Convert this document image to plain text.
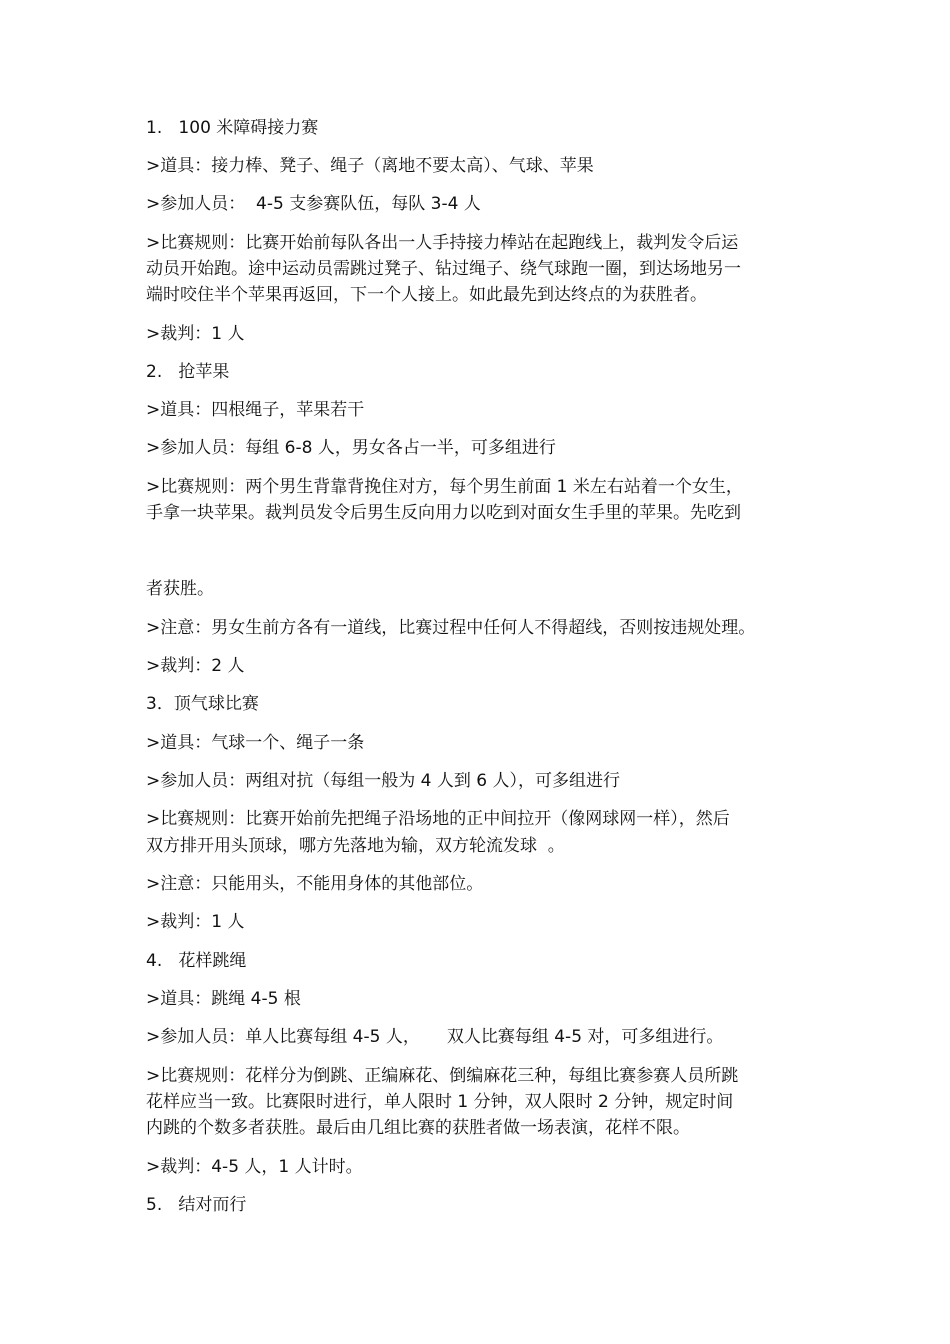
1.   100 米障碍接力赛

>道具：接力棒、凳子、绳子（离地不要太高）、气球、苹果

>参加人员：  4-5 支参赛队伍，每队 3-4 人

>比赛规则：比赛开始前每队各出一人手持接力棒站在起跑线上，裁判发令后运

动员开始跑。途中运动员需跳过凳子、钻过绳子、绕气球跑一圈，到达场地另一

端时咬住半个苹果再返回，下一个人接上。如此最先到达终点的为获胜者。

>裁判：1 人

2.   抢苹果

>道具：四根绳子，苹果若干

>参加人员：每组 6-8 人，男女各占一半，可多组进行

>比赛规则：两个男生背靠背挽住对方，每个男生前面 1 米左右站着一个女生，

手拿一块苹果。裁判员发令后男生反向用力以吃到对面女生手里的苹果。先吃到

者获胜。

>注意：男女生前方各有一道线，比赛过程中任何人不得超线，否则按违规处理。

>裁判：2 人

3．顶气球比赛

>道具：气球一个、绳子一条

>参加人员：两组对抗（每组一般为 4 人到 6 人），可多组进行

>比赛规则：比赛开始前先把绳子沿场地的正中间拉开（像网球网一样），然后

双方排开用头顶球，哪方先落地为输，双方轮流发球  。

>注意：只能用头，不能用身体的其他部位。

>裁判：1 人

4.   花样跳绳

>道具：跳绳 4-5 根

>参加人员：单人比赛每组 4-5 人，     双人比赛每组 4-5 对，可多组进行。

>比赛规则：花样分为倒跳、正编麻花、倒编麻花三种，每组比赛参赛人员所跳

花样应当一致。比赛限时进行，单人限时 1 分钟，双人限时 2 分钟，规定时间

内跳的个数多者获胜。最后由几组比赛的获胜者做一场表演，花样不限。

>裁判：4-5 人，1 人计时。

5.   结对而行
